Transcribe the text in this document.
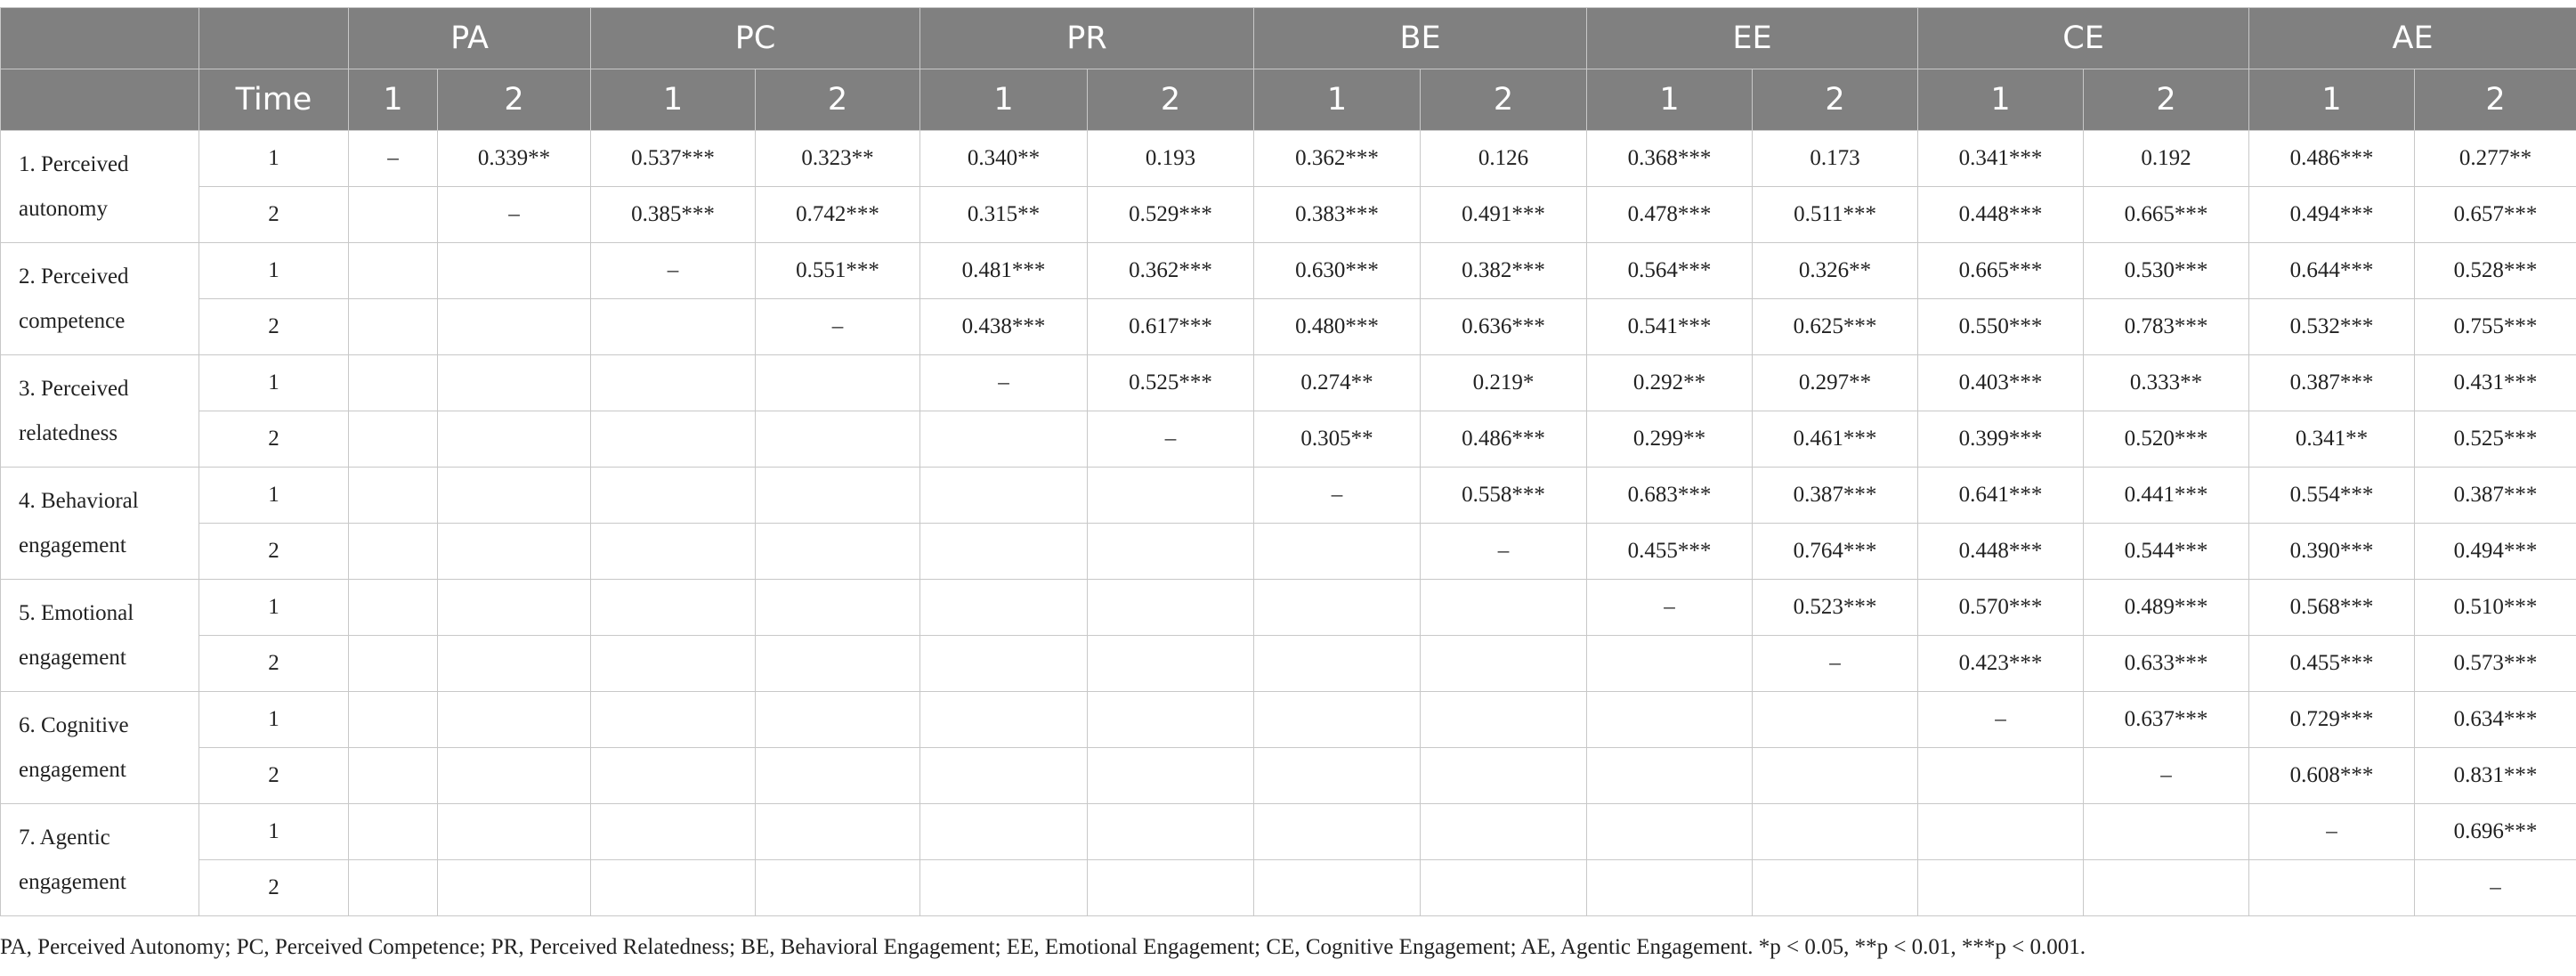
		PA		PC		PR		BE		EE		CE		AE	
	Time	1	2	1	2	1	2	1	2	1	2	1	2	1	2
1. Perceived autonomy	1	–	0.339**	0.537***	0.323**	0.340**	0.193	0.362***	0.126	0.368***	0.173	0.341***	0.192	0.486***	0.277**
	2		–	0.385***	0.742***	0.315**	0.529***	0.383***	0.491***	0.478***	0.511***	0.448***	0.665***	0.494***	0.657***
2. Perceived competence	1			–	0.551***	0.481***	0.362***	0.630***	0.382***	0.564***	0.326**	0.665***	0.530***	0.644***	0.528***
	2				–	0.438***	0.617***	0.480***	0.636***	0.541***	0.625***	0.550***	0.783***	0.532***	0.755***
3. Perceived relatedness	1					–	0.525***	0.274**	0.219*	0.292**	0.297**	0.403***	0.333**	0.387***	0.431***
	2						–	0.305**	0.486***	0.299**	0.461***	0.399***	0.520***	0.341**	0.525***
4. Behavioral engagement	1							–	0.558***	0.683***	0.387***	0.641***	0.441***	0.554***	0.387***
	2								–	0.455***	0.764***	0.448***	0.544***	0.390***	0.494***
5. Emotional engagement	1									–	0.523***	0.570***	0.489***	0.568***	0.510***
	2										–	0.423***	0.633***	0.455***	0.573***
6. Cognitive engagement	1											–	0.637***	0.729***	0.634***
	2												–	0.608***	0.831***
7. Agentic engagement	1													–	0.696***
	2														–
PA, Perceived Autonomy; PC, Perceived Competence; PR, Perceived Relatedness; BE, Behavioral Engagement; EE, Emotional Engagement; CE, Cognitive Engagement; AE, Agentic Engagement. *p < 0.05, **p < 0.01, ***p < 0.001.
